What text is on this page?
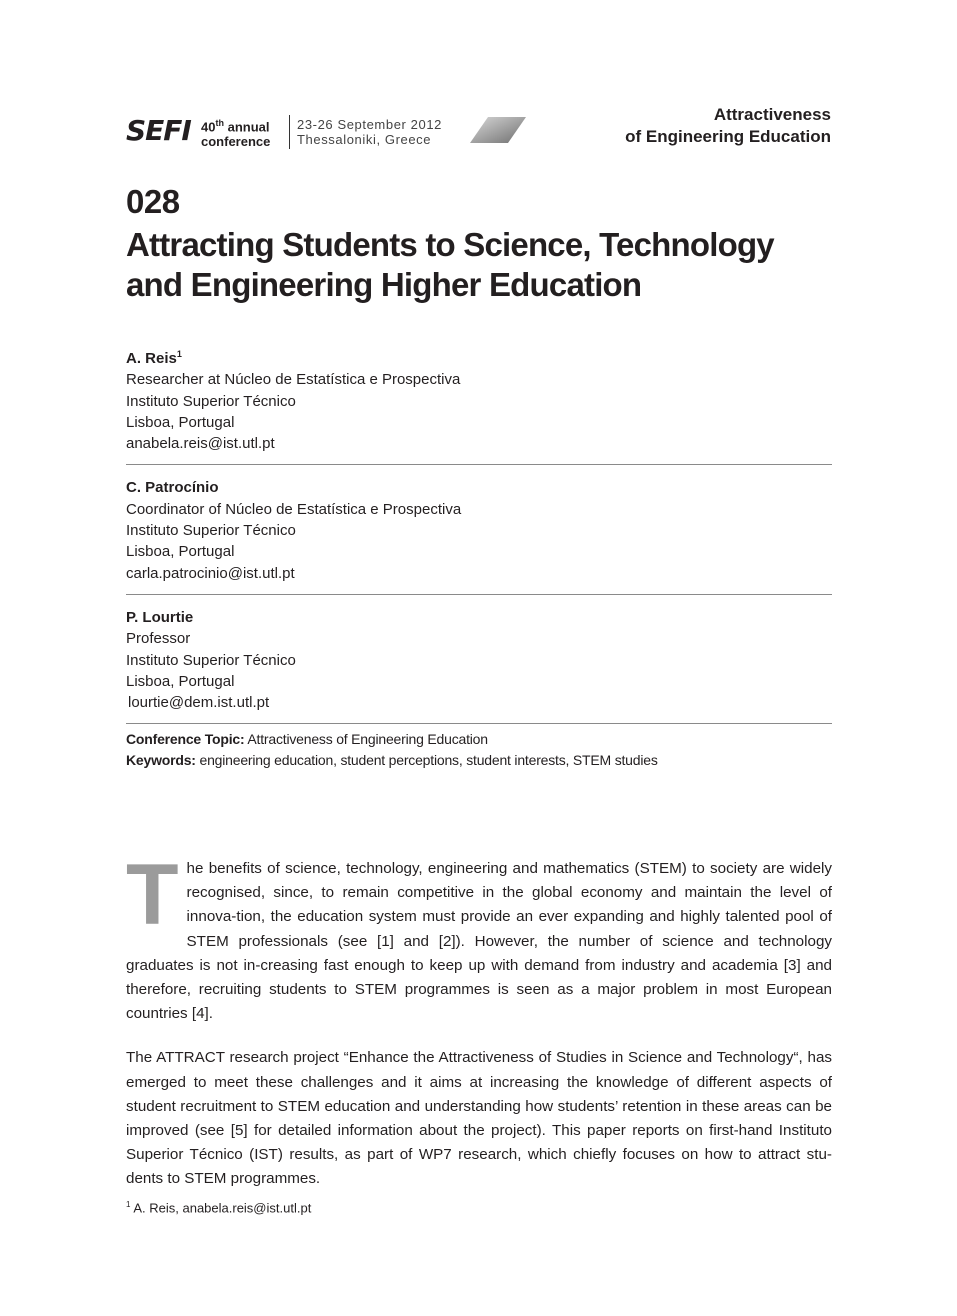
SEFI 40th annual
conference
23-26 September 2012
Thessaloniki, Greece
Attractiveness
of Engineering Education
028
Attracting Students to Science, Technology
and Engineering Higher Education
A. Reis$^1$
Researcher at Núcleo de Estatística e Prospectiva
Instituto Superior Técnico
Lisboa, Portugal
anabela.reis@ist.utl.pt
C. Patrocínio
Coordinator of Núcleo de Estatística e Prospectiva
Instituto Superior Técnico
Lisboa, Portugal
carla.patrocinio@ist.utl.pt
P. Lourtie
Professor
Instituto Superior Técnico
Lisboa, Portugal
lourtie@dem.ist.utl.pt
Conference Topic: Attractiveness of Engineering Education
Keywords: engineering education, student perceptions, student interests, STEM studies

The benefits of science, technology, engineering and mathematics (STEM) to society are widely recognised, since, to remain competitive in the global economy and maintain the level of innova-tion, the education system must provide an ever expanding and highly talented pool of STEM professionals (see [1] and [2]). However, the number of science and technology graduates is not in-creasing fast enough to keep up with demand from industry and academia [3] and therefore, recruiting students to STEM programmes is seen as a major problem in most European countries [4].

The ATTRACT research project “Enhance the Attractiveness of Studies in Science and Technology“, has emerged to meet these challenges and it aims at increasing the knowledge of different aspects of student recruitment to STEM education and understanding how students’ retention in these areas can be improved (see [5] for detailed information about the project). This paper reports on first-hand Instituto Superior Técnico (IST) results, as part of WP7 research, which chiefly focuses on how to attract stu-dents to STEM programmes.

$^1$ A. Reis, anabela.reis@ist.utl.pt
